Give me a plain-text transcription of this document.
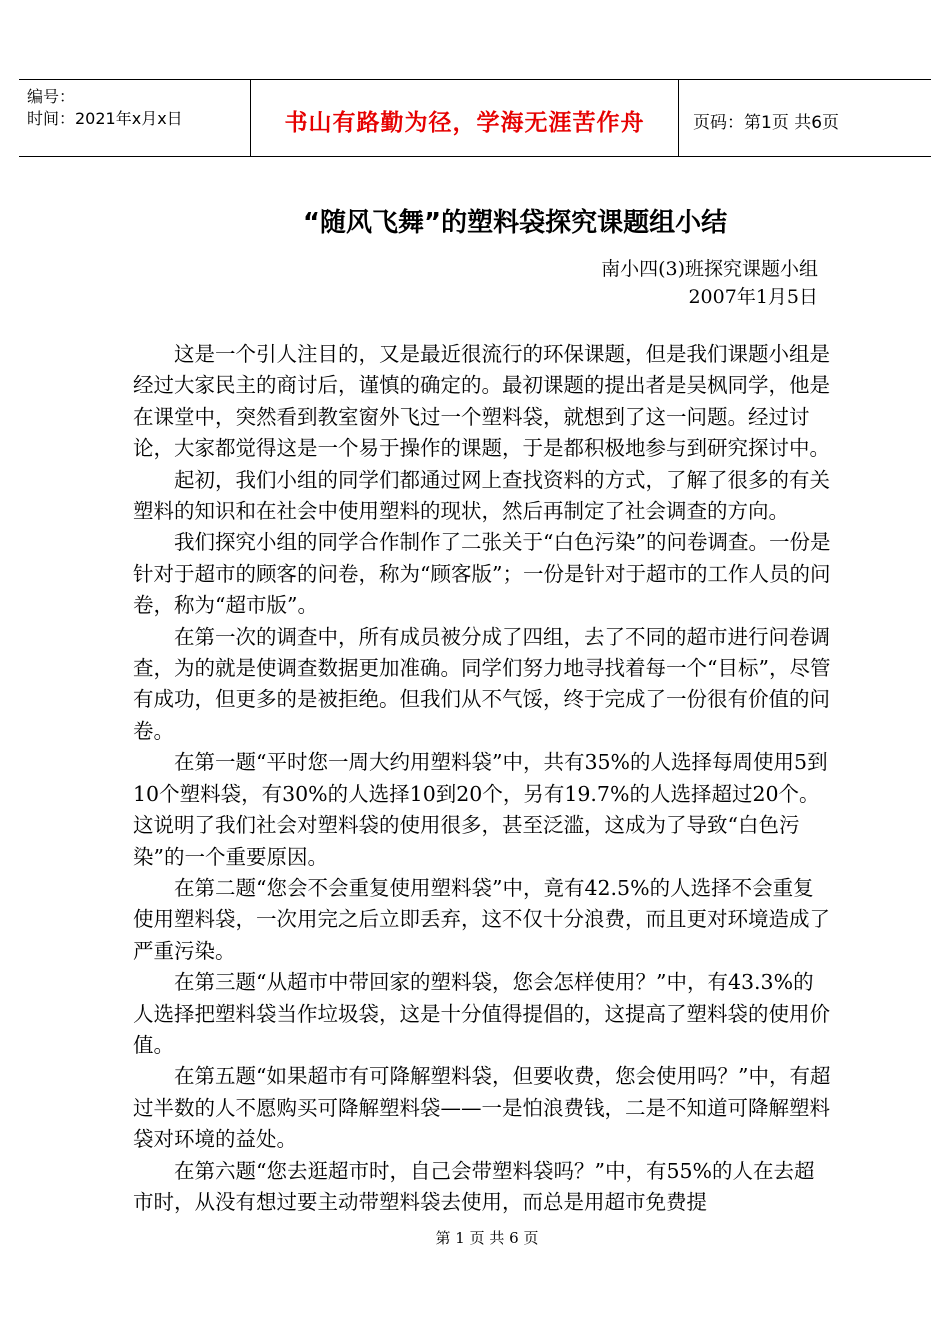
编号：
时间：2021年x月x日	书山有路勤为径，学海无涯苦作舟	页码：第1页 共6页
“随风飞舞”的塑料袋探究课题组小结
南小四(3)班探究课题小组
2007年1月5日

这是一个引人注目的，又是最近很流行的环保课题，但是我们课题小组是经过大家民主的商讨后，谨慎的确定的。最初课题的提出者是吴枫同学，他是在课堂中，突然看到教室窗外飞过一个塑料袋，就想到了这一问题。经过讨论，大家都觉得这是一个易于操作的课题，于是都积极地参与到研究探讨中。

起初，我们小组的同学们都通过网上查找资料的方式，了解了很多的有关塑料的知识和在社会中使用塑料的现状，然后再制定了社会调查的方向。

我们探究小组的同学合作制作了二张关于“白色污染”的问卷调查。一份是针对于超市的顾客的问卷，称为“顾客版”；一份是针对于超市的工作人员的问卷，称为“超市版”。

在第一次的调查中，所有成员被分成了四组，去了不同的超市进行问卷调查，为的就是使调查数据更加准确。同学们努力地寻找着每一个“目标”，尽管有成功，但更多的是被拒绝。但我们从不气馁，终于完成了一份很有价值的问卷。

在第一题“平时您一周大约用塑料袋”中，共有35%的人选择每周使用5到10个塑料袋，有30%的人选择10到20个，另有19.7%的人选择超过20个。这说明了我们社会对塑料袋的使用很多，甚至泛滥，这成为了导致“白色污染”的一个重要原因。

在第二题“您会不会重复使用塑料袋”中，竟有42.5%的人选择不会重复使用塑料袋，一次用完之后立即丢弃，这不仅十分浪费，而且更对环境造成了严重污染。

在第三题“从超市中带回家的塑料袋，您会怎样使用？”中，有43.3%的人选择把塑料袋当作垃圾袋，这是十分值得提倡的，这提高了塑料袋的使用价值。

在第五题“如果超市有可降解塑料袋，但要收费，您会使用吗？”中，有超过半数的人不愿购买可降解塑料袋——一是怕浪费钱，二是不知道可降解塑料袋对环境的益处。

在第六题“您去逛超市时，自己会带塑料袋吗？”中，有55%的人在去超市时，从没有想过要主动带塑料袋去使用，而总是用超市免费提

第 1 页 共 6 页
